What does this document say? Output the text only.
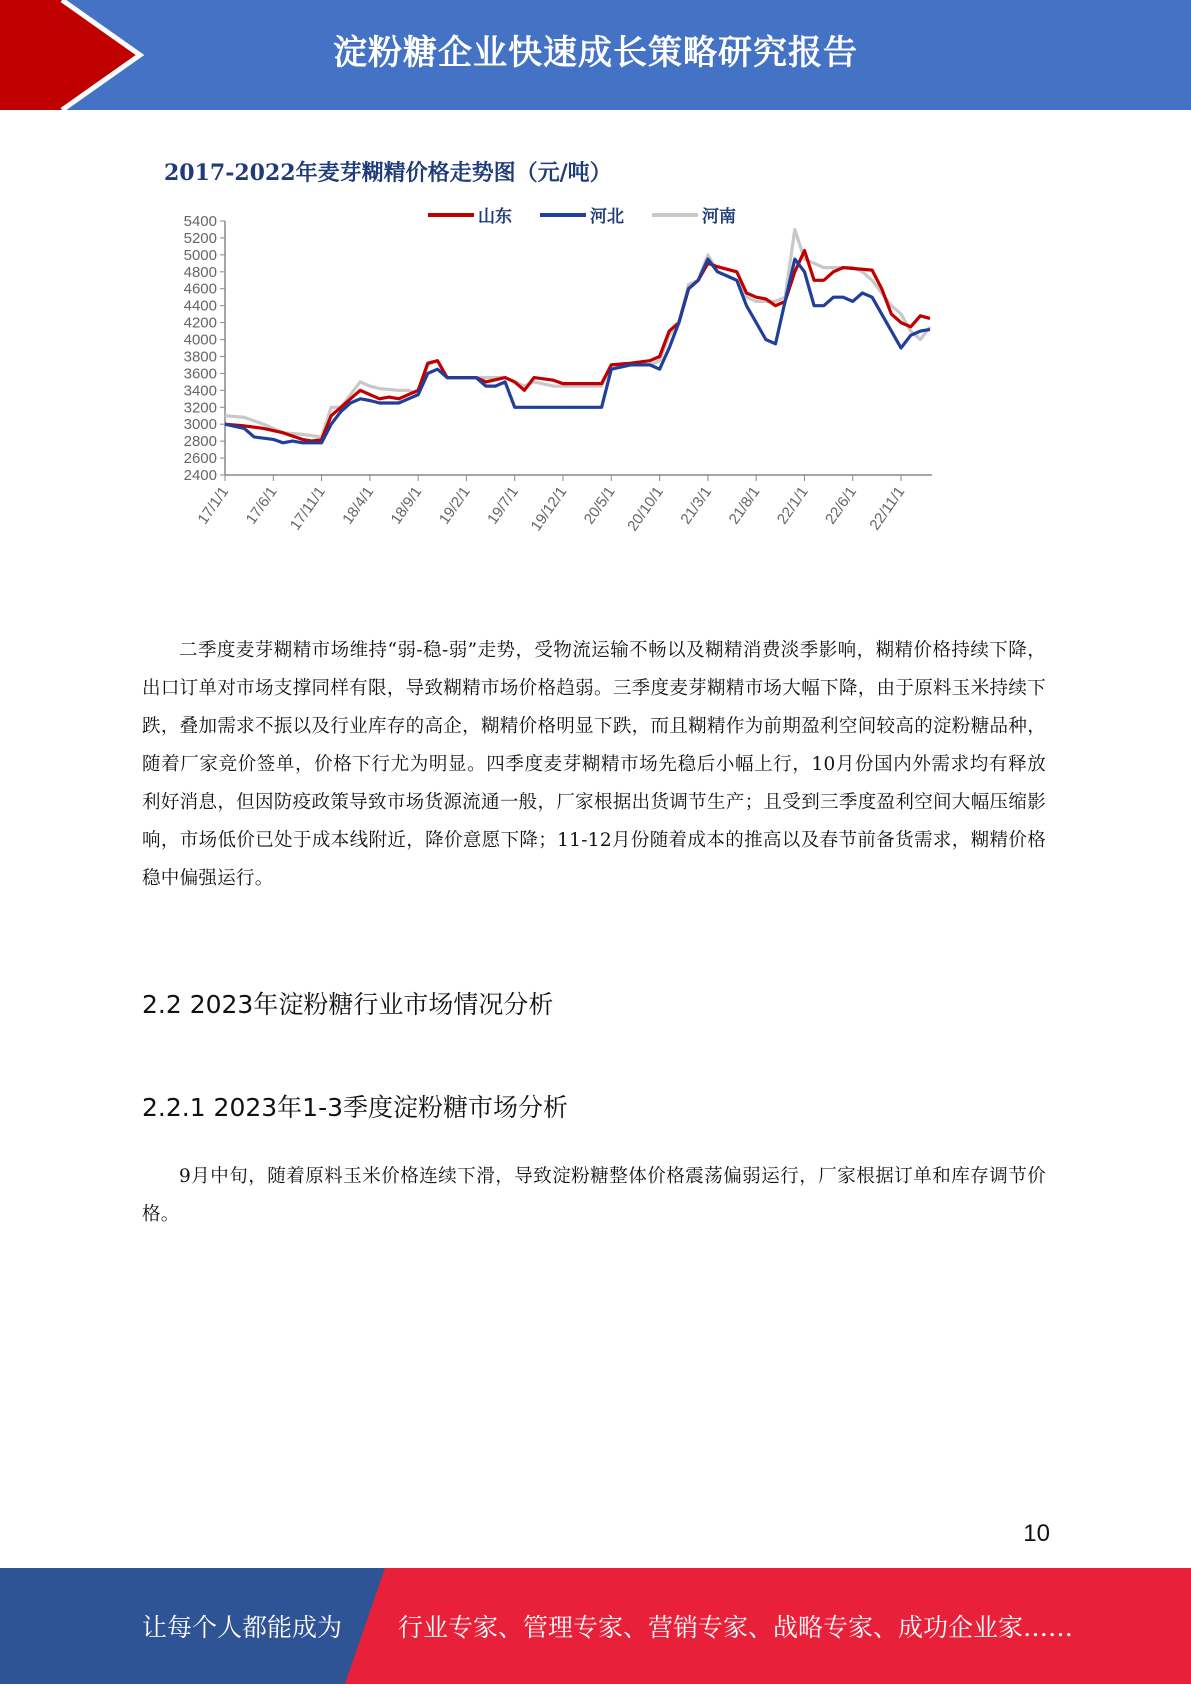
淀粉糖企业快速成长策略研究报告
2400
2600
2800
3000
3200
3400
3600
3800
4000
4200
4400
4600
4800
5000
5200
5400
17/1/1 17/6/1 17/11/1 18/4/1 18/9/1 19/2/1 19/7/1 19/12/1 20/5/1 20/10/1 21/3/1 21/8/1 22/1/1 22/6/1 22/11/1
2017-2022年麦芽糊精价格走势图（元/吨）
山东	河北	河南
二季度麦芽糊精市场维持“弱-稳-弱”走势，受物流运输不畅以及糊精消费淡季影响，糊精价格持续下降，出口订单对市场支撑同样有限，导致糊精市场价格趋弱。三季度麦芽糊精市场大幅下降，由于原料玉米持续下跌，叠加需求不振以及行业库存的高企，糊精价格明显下跌，而且糊精作为前期盈利空间较高的淀粉糖品种，随着厂家竞价签单，价格下行尤为明显。四季度麦芽糊精市场先稳后小幅上行，10月份国内外需求均有释放利好消息，但因防疫政策导致市场货源流通一般，厂家根据出货调节生产；且受到三季度盈利空间大幅压缩影响，市场低价已处于成本线附近，降价意愿下降；11-12月份随着成本的推高以及春节前备货需求，糊精价格稳中偏强运行。
2.2 2023年淀粉糖行业市场情况分析
2.2.1 2023年1-3季度淀粉糖市场分析
9月中旬，随着原料玉米价格连续下滑，导致淀粉糖整体价格震荡偏弱运行，厂家根据订单和库存调节价格。
10
让每个人都能成为 行业专家、管理专家、营销专家、战略专家、成功企业家……
